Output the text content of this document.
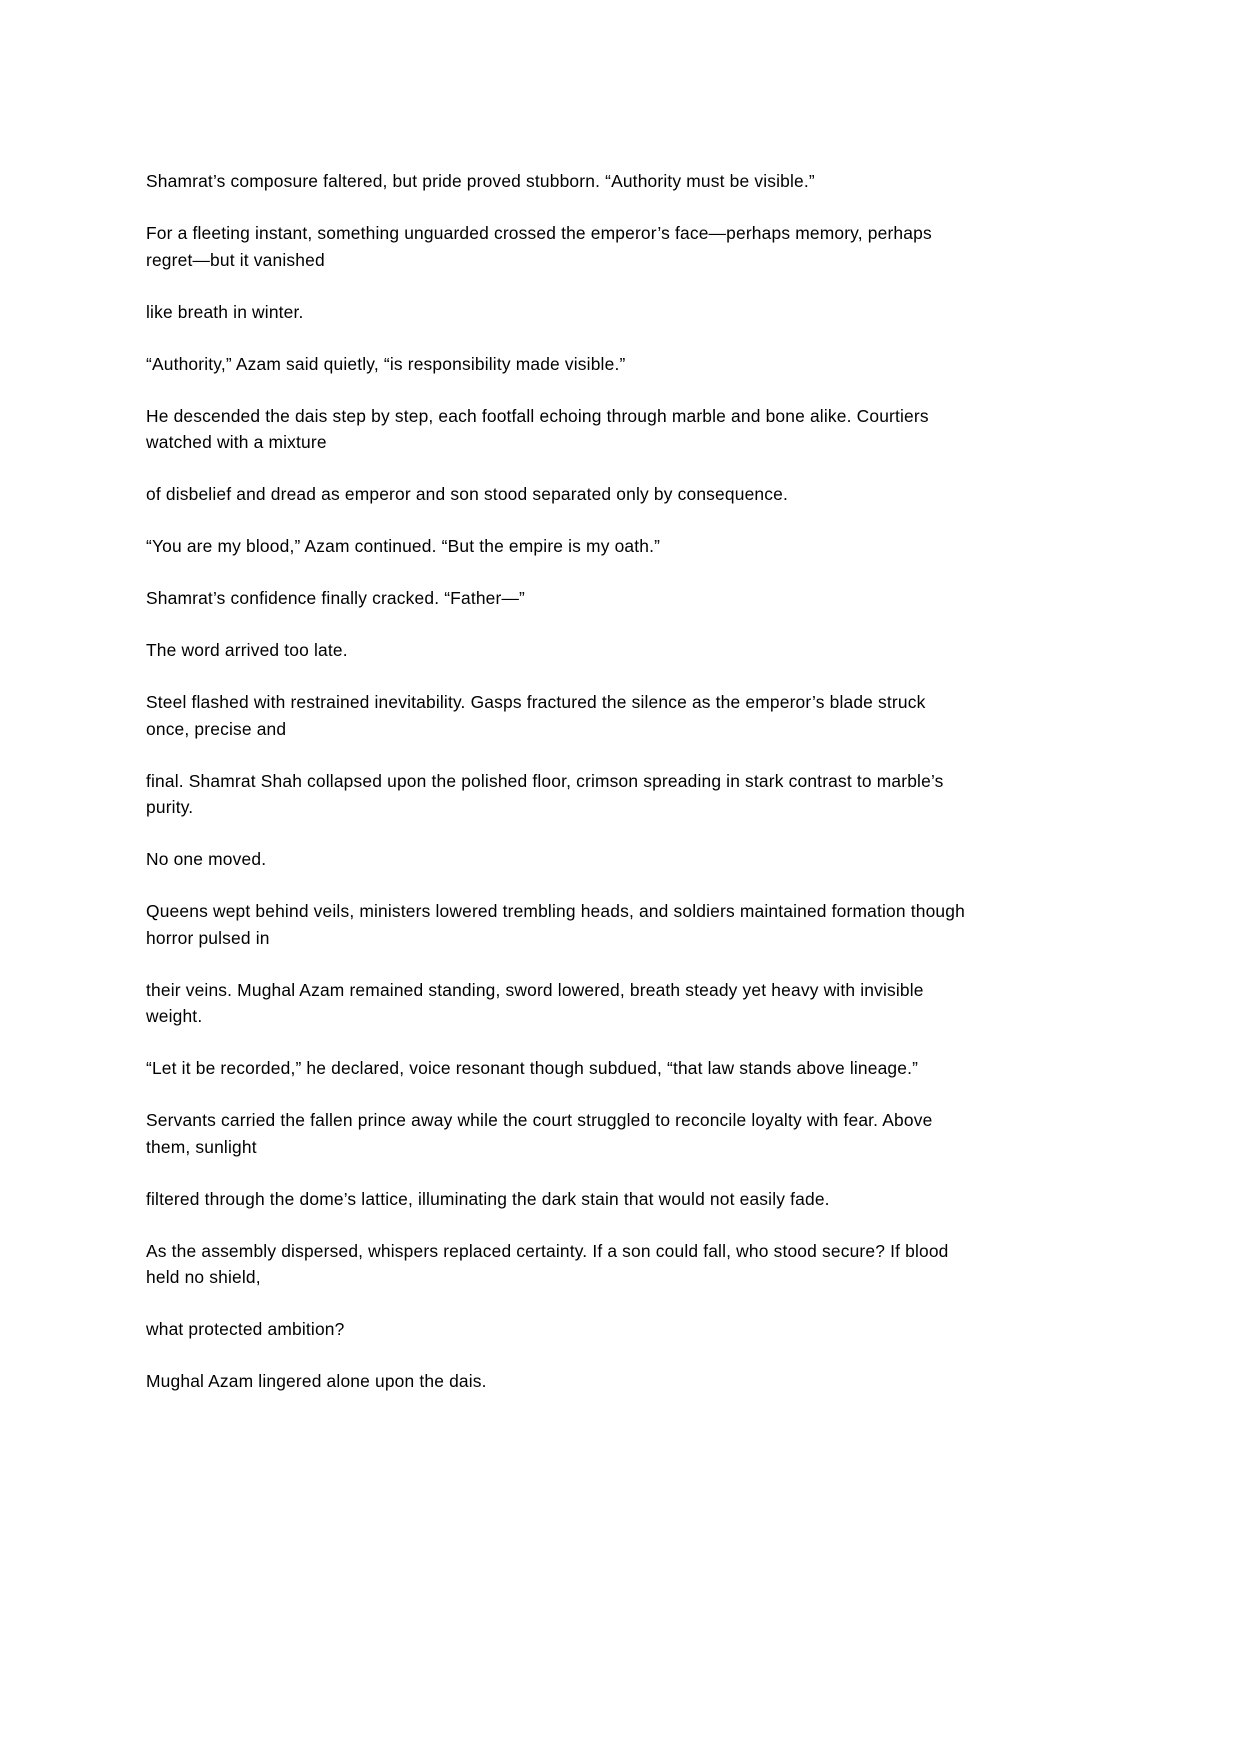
Shamrat’s composure faltered, but pride proved stubborn. “Authority must be visible.”

For a fleeting instant, something unguarded crossed the emperor’s face—perhaps memory, perhaps regret—but it vanished

like breath in winter.

“Authority,” Azam said quietly, “is responsibility made visible.”

He descended the dais step by step, each footfall echoing through marble and bone alike. Courtiers watched with a mixture

of disbelief and dread as emperor and son stood separated only by consequence.

“You are my blood,” Azam continued. “But the empire is my oath.”

Shamrat’s confidence finally cracked. “Father—”

The word arrived too late.

Steel flashed with restrained inevitability. Gasps fractured the silence as the emperor’s blade struck once, precise and

final. Shamrat Shah collapsed upon the polished floor, crimson spreading in stark contrast to marble’s purity.

No one moved.

Queens wept behind veils, ministers lowered trembling heads, and soldiers maintained formation though horror pulsed in

their veins. Mughal Azam remained standing, sword lowered, breath steady yet heavy with invisible weight.

“Let it be recorded,” he declared, voice resonant though subdued, “that law stands above lineage.”

Servants carried the fallen prince away while the court struggled to reconcile loyalty with fear. Above them, sunlight

filtered through the dome’s lattice, illuminating the dark stain that would not easily fade.

As the assembly dispersed, whispers replaced certainty. If a son could fall, who stood secure? If blood held no shield,

what protected ambition?

Mughal Azam lingered alone upon the dais.
